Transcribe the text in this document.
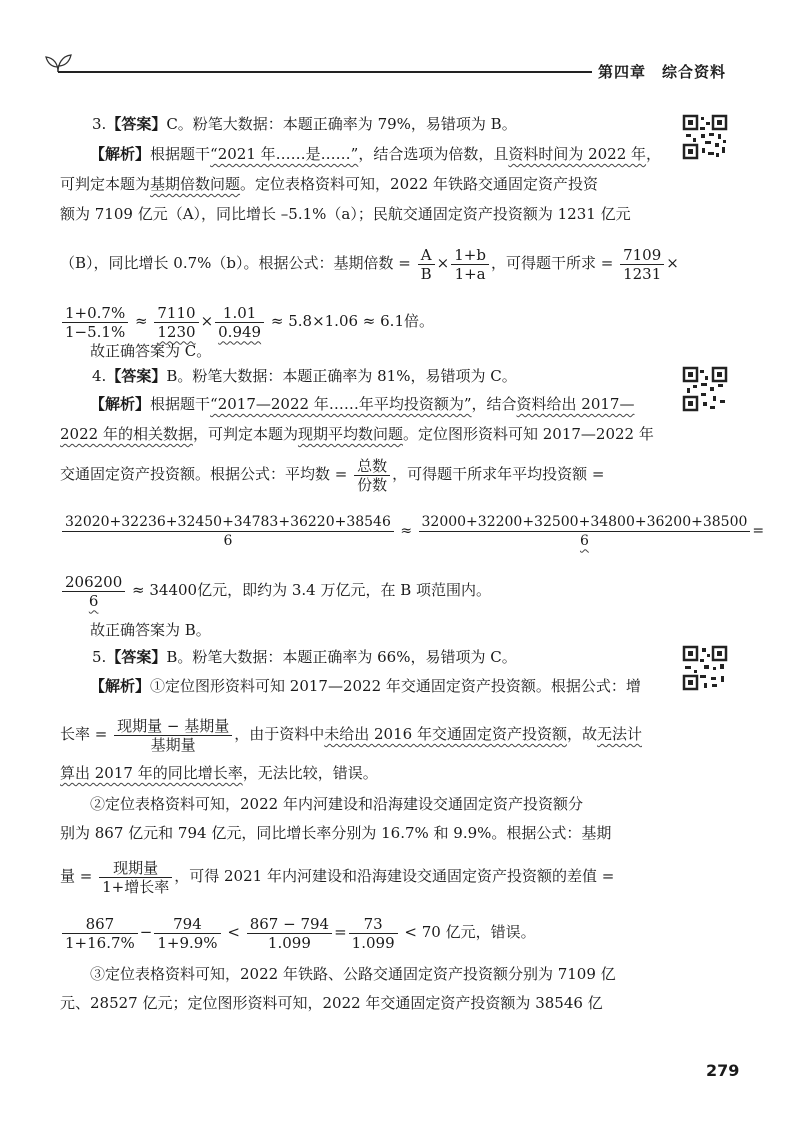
第四章 综合资料
3.【答案】C。粉笔大数据：本题正确率为 79%，易错项为 B。
【解析】根据题干“2021 年……是……”，结合选项为倍数，且资料时间为 2022 年，
可判定本题为基期倍数问题。定位表格资料可知，2022 年铁路交通固定资产投资
额为 7109 亿元（A），同比增长 –5.1%（a）；民航交通固定资产投资额为 1231 亿元
（B），同比增长 0.7%（b）。根据公式：基期倍数 = $\frac{A}{B} \times \frac{1+b}{1+a}$ ，可得题干所求 = $\frac{7109}{1231}$ ×
$\frac{1+0.7\%}{1-5.1\%} \approx \frac{7110}{1230} \times \frac{1.01}{0.949} \approx 5.8\times 1.06 \approx 6.1$倍。
故正确答案为 C。
4.【答案】B。粉笔大数据：本题正确率为 81%，易错项为 C。
【解析】根据题干“2017—2022 年……年平均投资额为”，结合资料给出 2017—
2022 年的相关数据，可判定本题为现期平均数问题。定位图形资料可知 2017—2022 年
交通固定资产投资额。根据公式：平均数 = $\frac{\text{总数}}{\text{份数}}$ ，可得题干所求年平均投资额 =
$\frac{32020+32236+32450+34783+36220+38546}{6} \approx \frac{32000+32200+32500+34800+36200+38500}{6}$ =
$\frac{206200}{6} \approx 34400$亿元，即约为 3.4 万亿元，在 B 项范围内。
故正确答案为 B。
5.【答案】B。粉笔大数据：本题正确率为 66%，易错项为 C。
【解析】①定位图形资料可知 2017—2022 年交通固定资产投资额。根据公式：增
长率 = $\frac{\text{现期量 − 基期量}}{\text{基期量}}$ ，由于资料中未给出 2016 年交通固定资产投资额，故无法计
算出 2017 年的同比增长率，无法比较，错误。
②定位表格资料可知，2022 年内河建设和沿海建设交通固定资产投资额分
别为 867 亿元和 794 亿元，同比增长率分别为 16.7% 和 9.9%。根据公式：基期
量 = $\frac{\text{现期量}}{\text{1+增长率}}$ ，可得 2021 年内河建设和沿海建设交通固定资产投资额的差值 =
$\frac{867}{1+16.7\%} - \frac{794}{1+9.9\%} < \frac{867 - 794}{1.099} = \frac{73}{1.099} < 70$ 亿元，错误。
③定位表格资料可知，2022 年铁路、公路交通固定资产投资额分别为 7109 亿
元、28527 亿元；定位图形资料可知，2022 年交通固定资产投资额为 38546 亿
279
